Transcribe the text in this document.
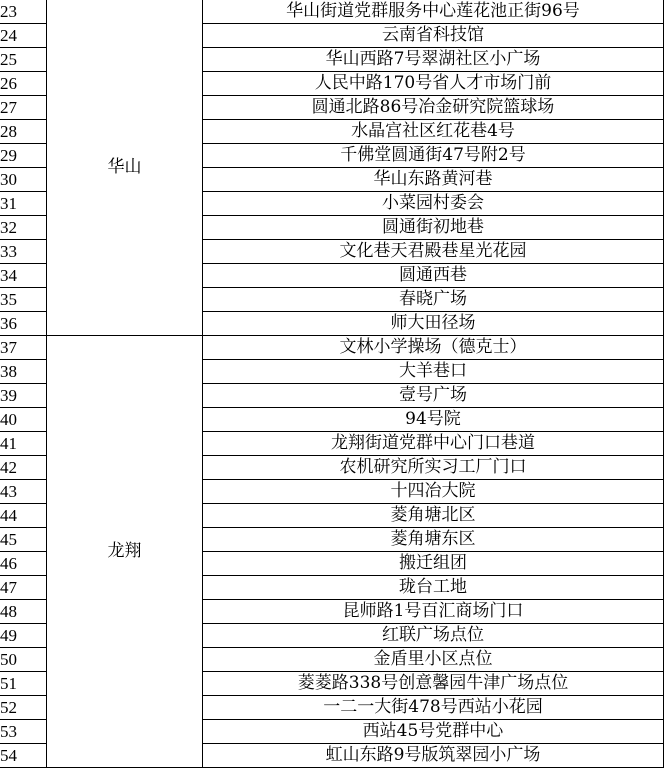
23	华山	华山街道党群服务中心莲花池正街96号
24		云南省科技馆
25		华山西路7号翠湖社区小广场
26		人民中路170号省人才市场门前
27		圆通北路86号冶金研究院篮球场
28		水晶宫社区红花巷4号
29		千佛堂圆通街47号附2号
30		华山东路黄河巷
31		小菜园村委会
32		圆通街初地巷
33		文化巷天君殿巷星光花园
34		圆通西巷
35		春晓广场
36		师大田径场
37	龙翔	文林小学操场（德克士）
38		大羊巷口
39		壹号广场
40		94号院
41		龙翔街道党群中心门口巷道
42		农机研究所实习工厂门口
43		十四冶大院
44		菱角塘北区
45		菱角塘东区
46		搬迁组团
47		珑台工地
48		昆师路1号百汇商场门口
49		红联广场点位
50		金盾里小区点位
51		菱菱路338号创意馨园牛津广场点位
52		一二一大街478号西站小花园
53		西站45号党群中心
54		虹山东路9号版筑翠园小广场
